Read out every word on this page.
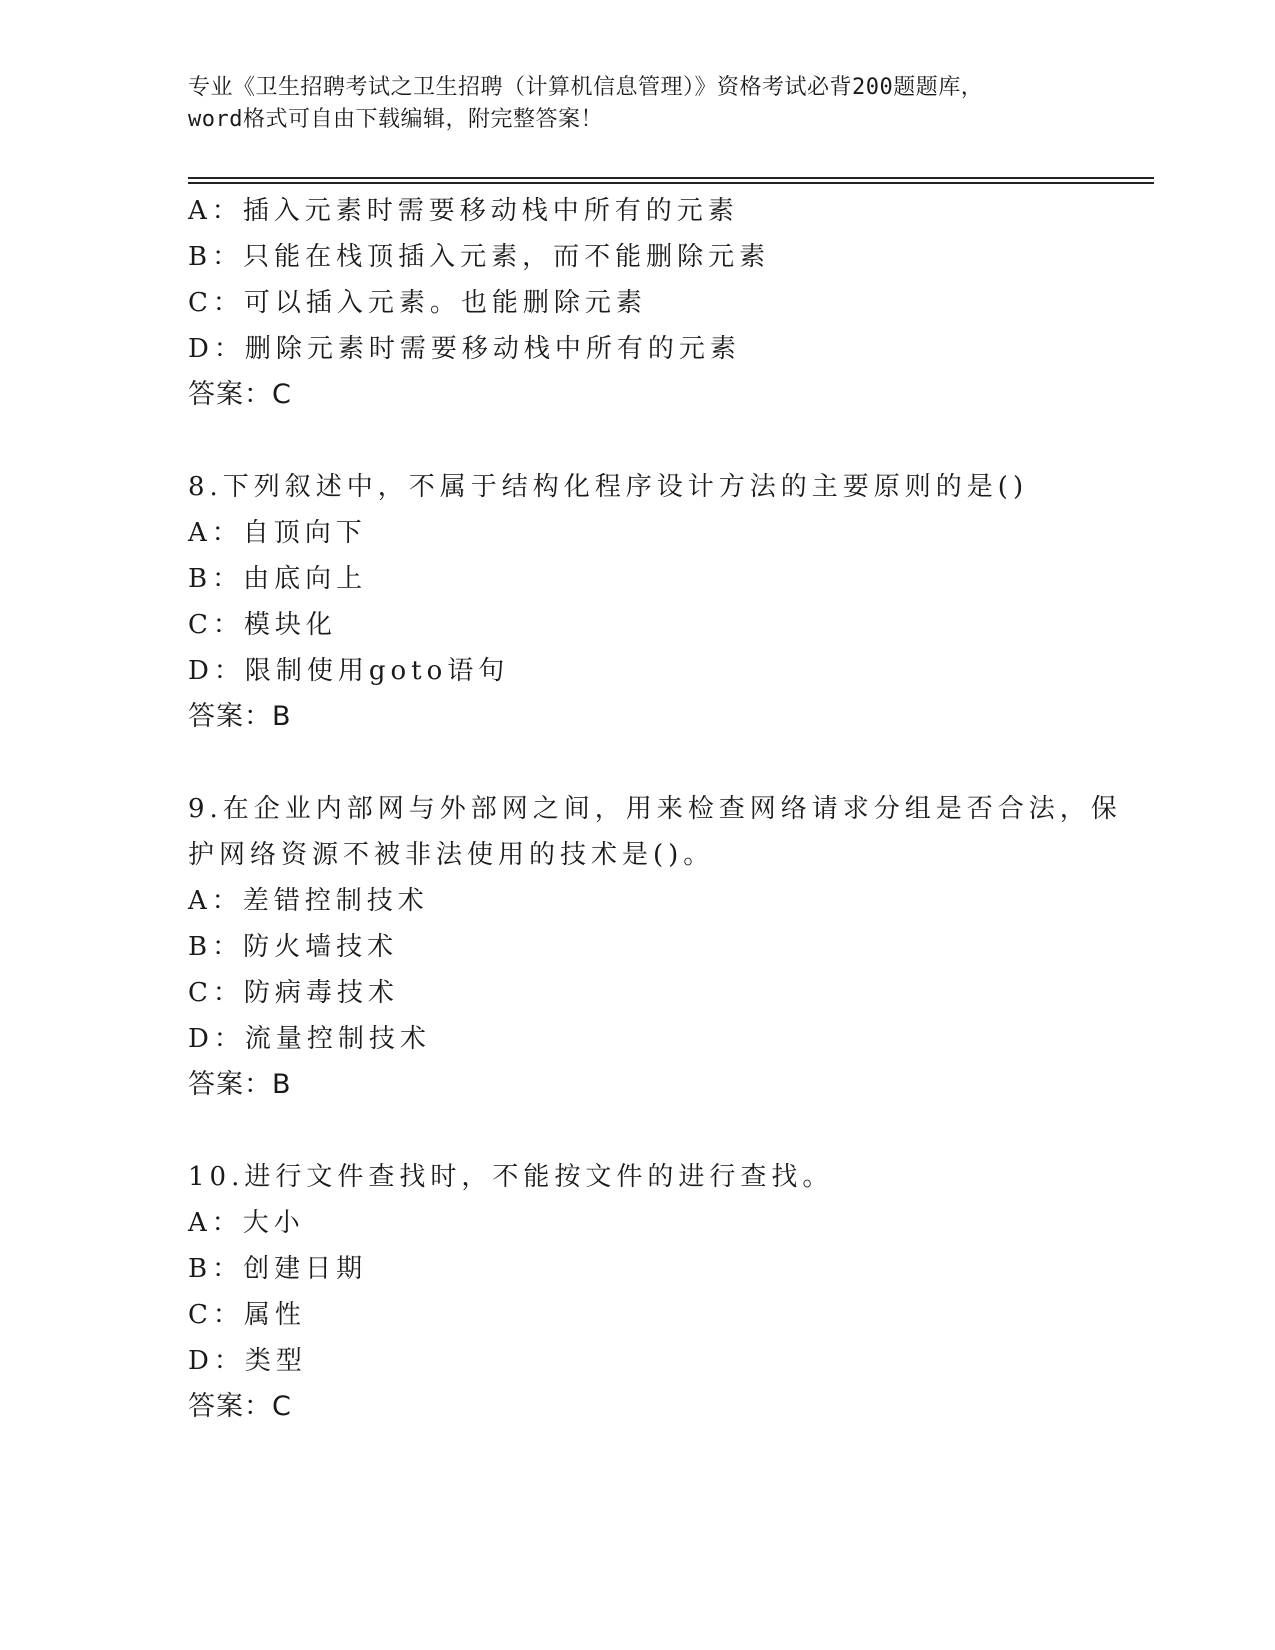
专业《卫生招聘考试之卫生招聘（计算机信息管理）》资格考试必背200题题库，
word格式可自由下载编辑，附完整答案！
A：插入元素时需要移动栈中所有的元素
B：只能在栈顶插入元素，而不能删除元素
C：可以插入元素。也能删除元素
D：删除元素时需要移动栈中所有的元素
答案：C
8.下列叙述中，不属于结构化程序设计方法的主要原则的是()
A：自顶向下
B：由底向上
C：模块化
D：限制使用goto语句
答案：B
9.在企业内部网与外部网之间，用来检查网络请求分组是否合法，保
护网络资源不被非法使用的技术是()。
A：差错控制技术
B：防火墙技术
C：防病毒技术
D：流量控制技术
答案：B
10.进行文件查找时，不能按文件的进行查找。
A：大小
B：创建日期
C：属性
D：类型
答案：C
